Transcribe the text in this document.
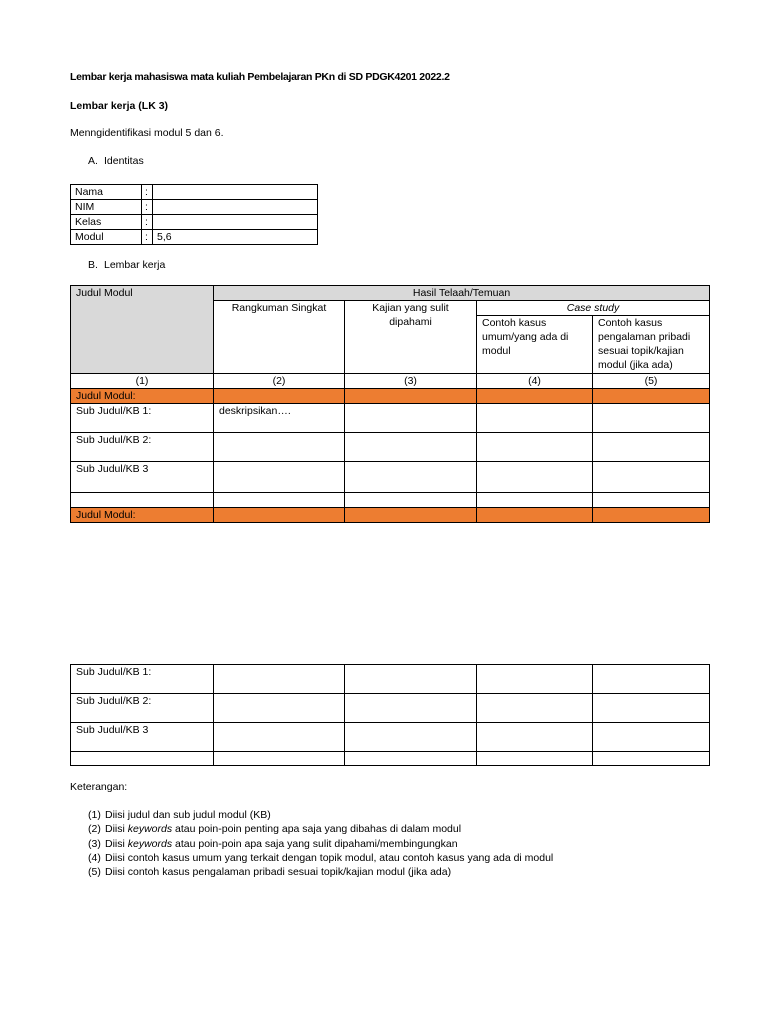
Lembar kerja mahasiswa mata kuliah Pembelajaran PKn di SD PDGK4201 2022.2
Lembar kerja (LK 3)
Menngidentifikasi modul 5 dan 6.
A. Identitas
Nama	:	
NIM	:	
Kelas	:	
Modul	:	5,6
B. Lembar kerja
Judul Modul	Hasil Telaah/Temuan			
	Rangkuman Singkat	Kajian yang sulit dipahami	Case study	
			Contoh kasus umum/yang ada di modul	Contoh kasus pengalaman pribadi sesuai topik/kajian modul (jika ada)
(1)	(2)	(3)	(4)	(5)
Judul Modul:				
Sub Judul/KB 1:	deskripsikan….			
Sub Judul/KB 2:				
Sub Judul/KB 3				

Judul Modul:				
Sub Judul/KB 1:				
Sub Judul/KB 2:				
Sub Judul/KB 3				

Keterangan:
(1) Diisi judul dan sub judul modul (KB)
(2) Diisi keywords atau poin-poin penting apa saja yang dibahas di dalam modul
(3) Diisi keywords atau poin-poin apa saja yang sulit dipahami/membingungkan
(4) Diisi contoh kasus umum yang terkait dengan topik modul, atau contoh kasus yang ada di modul
(5) Diisi contoh kasus pengalaman pribadi sesuai topik/kajian modul (jika ada)
